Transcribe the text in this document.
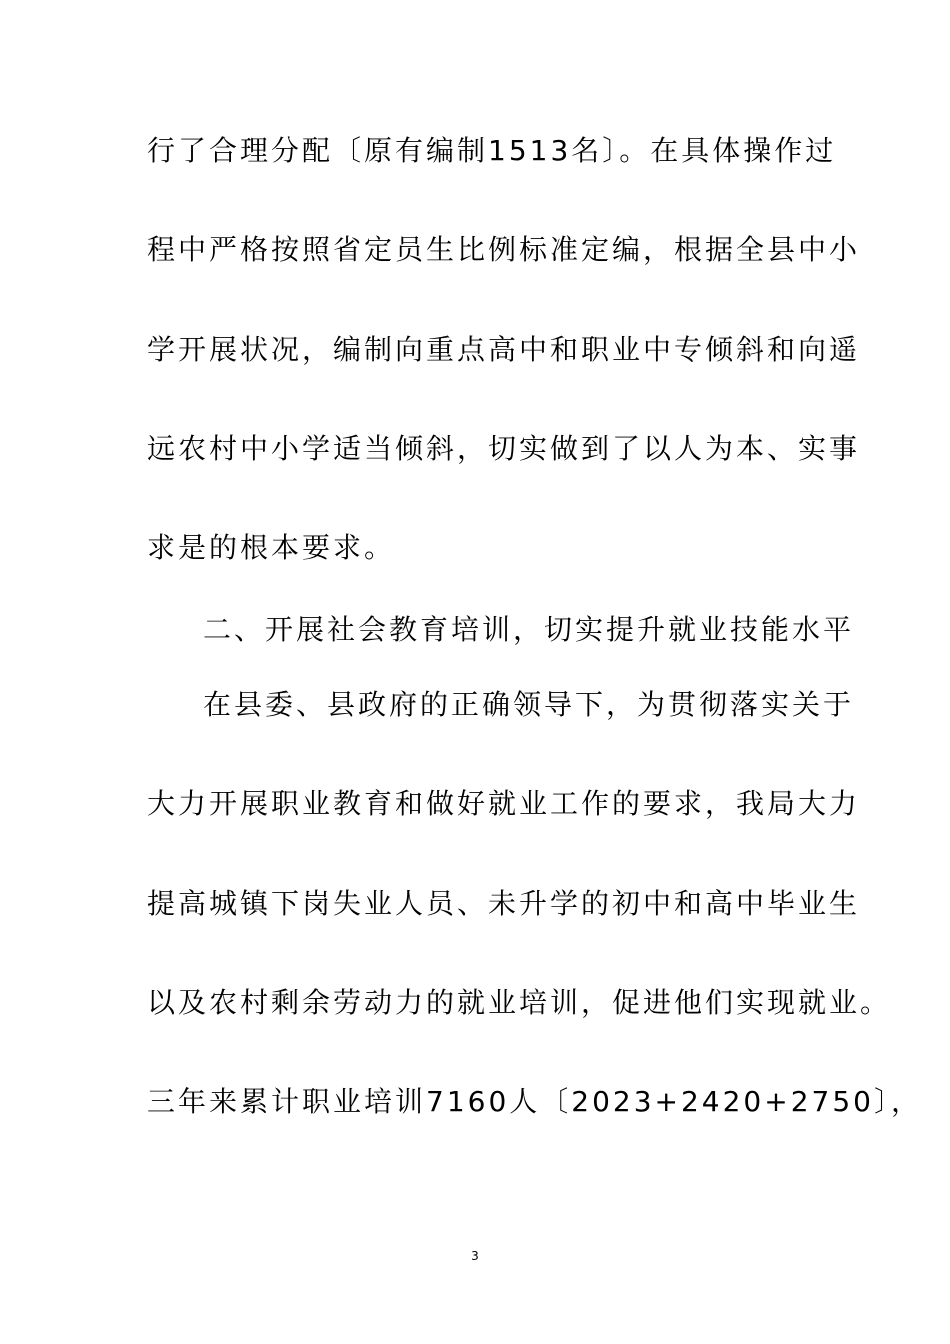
行了合理分配〔原有编制1513名〕。在具体操作过
程中严格按照省定员生比例标准定编，根据全县中小
学开展状况，编制向重点高中和职业中专倾斜和向遥
远农村中小学适当倾斜，切实做到了以人为本、实事
求是的根本要求。
二、开展社会教育培训，切实提升就业技能水平
在县委、县政府的正确领导下，为贯彻落实关于
大力开展职业教育和做好就业工作的要求，我局大力
提高城镇下岗失业人员、未升学的初中和高中毕业生
以及农村剩余劳动力的就业培训，促进他们实现就业。
三年来累计职业培训7160人〔2023+2420+2750〕，
3
